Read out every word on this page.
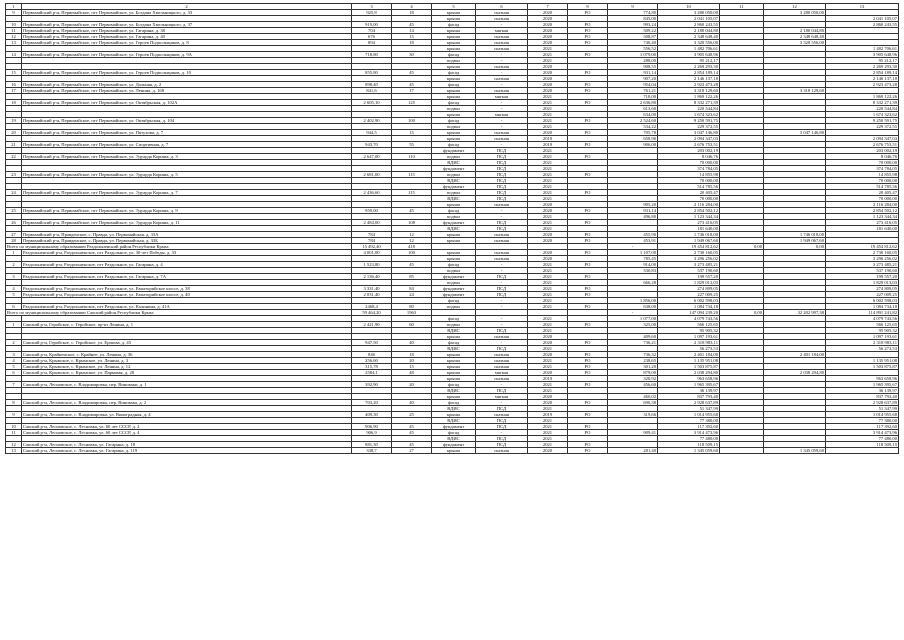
1	2	3	4	5	6	7	8	9	10	11	12	13
9	Первомайский р-н, Первомайское, пгт Первомайское, ул. Богдана Хмельницкого, д. 33	925,8	18	крыша	скатная	2020	РО	774,80	3 280 050,00		3 280 050,00	
				крыша	скатная	2020		845,00	2 041 105,07			2 041 105,07
10	Первомайский р-н, Первомайское, пгт Первомайское, ул. Богдана Хмельницкого, д. 37	919,00	45	фасад	-	2020	РО	993,24	2 860 243,55			2 860 243,55
11	Первомайский р-н, Первомайское, пгт Первомайское, ул. Гагарина, д. 38	704	14	крыша	мягкая	2020	РО	509,22	2 180 044,80		2 180 044,80	
12	Первомайский р-н, Первомайское, пгт Первомайское, ул. Гагарина, д. 40	676	15	крыша	скатная	2020	РО	508,87	2 348 648,40		2 348 648,40	
13	Первомайский р-н, Первомайское, пгт Первомайское, ул. Героев Подпольщиков, д. 8	894	18	крыша	скатная	2020	РО	740,40	3 320 556,00		3 320 556,00	
				крыша	скатная	2021		556,52	1 482 706,61			1 482 706,61
14	Первомайский р-н, Первомайское, пгт Первомайское, ул. Героев Подпольщиков, д. 9А	718,80	30	фасад	-	2021	РО	1 079,00	3 905 648,96			3 905 648,96
				подвал	-	2021		288,00	95 212,17			95 212,17
				крыша	скатная	2020		908,55	2 269 293,30			2 269 293,30
15	Первомайский р-н, Первомайское, пгт Первомайское, ул. Героев Подпольщиков, д. 10	855,80	45	фасад	-	2020	РО	931,14	2 854 189,14			2 854 189,14
				крыша	скатная	2020		907,20	2 146 137,18			2 146 137,18
16	Первомайский р-н, Первомайское, пгт Первомайское, ул. Дальняя, д. 2	898,40	45	фасад	-	2020	РО	954,04	2 923 473,28			2 923 473,28
17	Первомайский р-н, Первомайское, пгт Первомайское, ул. Ленина, д. 168	841,6	17	крыша	скатная	2020	РО	761,21	3 318 129,60		3 318 129,60	
				крыша	мягкая	2021		710,00	1 869 122,26			1 869 122,26
18	Первомайский р-н, Первомайское, пгт Первомайское, ул. Октябрьская, д. 102А	2 605,10	125	фасад	-	2021	РО	2 636,80	8 332 271,39			8 332 271,39
				подвал	-	2021		613,60	220 544,84			220 544,84
				крыша	мягкая	2021		634,00	1 674 323,62			1 674 323,62
19	Первомайский р-н, Первомайское, пгт Первомайское, ул. Октябрьская, д. 104	2 402,90	100	фасад	-	2021	РО	2 524,60	9 250 591,75			9 250 591,75
				подвал	-	2021		534,22	229 372,55			229 372,55
20	Первомайский р-н, Первомайское, пгт Первомайское, ул. Пятухова, д. 7	944,5	15	крыша	скатная	2020	РО	705,78	3 047 146,80		3 047 146,80	
				крыша	скатная	2019		658,90	2 094 347,03			2 094 347,03
21	Первомайский р-н, Первомайское, пгт Первомайское, ул. Спортивная, д. 7	943,70	55	фасад	-	2019	РО	906,00	2 676 753,51			2 676 753,51
				фундамент	ПСД	2021			203 002,19			203 002,19
22	Первомайский р-н, Первомайское, пгт Первомайское, ул. Эдуарда Коршиа, д. 3	2 647,00	110	подвал	ПСД	2021	РО		8 046,76			8 046,76
				ВДИС	ПСД	2021			70 000,00			70 000,00
				фундамент	ПСД	2021			374 784,05			374 784,05
23	Первомайский р-н, Первомайское, пгт Первомайское, ул. Эдуарда Коршиа, д. 5	2 681,00	115	подвал	ПСД	2021	РО		14 855,98			14 855,98
				ВДИС	ПСД	2021			70 000,00			70 000,00
				фундамент	ПСД	2021			514 785,56			514 785,56
24	Первомайский р-н, Первомайское, пгт Первомайское, ул. Эдуарда Коршиа, д. 7	2 436,60	115	подвал	ПСД	2021	РО		20 405,47			20 405,47
				ВДИС	ПСД	2021			70 000,00			70 000,00
				крыша	скатная	2020		905,20	2 116 284,00			2 116 284,00
25	Первомайский р-н, Первомайское, пгт Первомайское, ул. Эдуарда Коршиа, д. 9	959,00	45	фасад	-	2020	РО	931,14	2 854 502,12			2 854 502,12
				подвал	-	2021		496,80	1 123 344,34			1 123 344,34
26	Первомайский р-н, Первомайское, пгт Первомайское, ул. Эдуарда Коршиа, д. 11	2 484,00	108	фундамент	ПСД	2021	РО		273 416,05			273 416,05
				ВДИС	ПСД	2021			181 640,00			181 640,00
27	Первомайский р-н, Правденское, с. Правда, ул. Первомайская, д. 33А	784	12	крыша	скатная	2020	РО	455,90	1 746 018,00		1 746 018,00	
28	Первомайский р-н, Правденское, с. Правда, ул. Первомайская, д. 33Б	784	12	крыша	скатная	2020	РО	453,91	1 949 067,60		1 949 067,60	
Всего по муниципальному образованию Раздольненский район Республики Крым:		15 492,40	418					-	19 454 812,62	0,00	0,00	19 454 812,62
1	Раздольненский р-н, Раздольненское, пгт Раздольное, ул. 30-лет Победы, д. 33	4 001,00	100	крыша	скатная	2020	РО	1 107,00	2 730 160,05			2 730 160,05
				крыша	скатная	2020		785,45	3 296 256,02			3 296 256,02
2	Раздольненский р-н, Раздольненское, пгт Раздольное, ул. Гагарина, д. 4	1 523,80	45	фасад	-	2021	РО	914,00	3 273 485,21			3 273 485,21
				подвал	-	2021		530,83	537 190,60			537 190,60
3	Раздольненский р-н, Раздольненское, пгт Раздольное, ул. Гагарина, д. 7А	2 136,40	85	фундамент	ПСД	2021	РО		199 557,20			199 557,20
				подвал	-	2021		666,28	1 829 013,03			1 829 013,03
4	Раздольненский р-н, Раздольненское, пгт Раздольное, ул. Евпаторийское шоссе, д. 38	3 331,40	84	фундамент	ПСД	2021	РО		274 809,05			274 809,05
5	Раздольненский р-н, Раздольненское, пгт Раздольное, ул. Евпаторийское шоссе, д. 40	2 031,40	24	фундамент	ПСД	2021	РО		227 009,25			227 009,25
				фасад	-	2021		1 856,00	6 002 598,03			6 002 598,03
6	Раздольненский р-н, Раздольненское, пгт Раздольное, ул. Калинина, д. 41А	2468,4	80	подвал	-	2021	РО	638,00	1 084 734,18			1 084 734,18
Всего по муниципальному образованию Сакский район Республики Крым:		59 464,20	1963					-	147 094 239,20	0,00	32 202 997,38	114 891 241,82
				фасад	-	2021		1 077,00	4 079 743,56			4 079 743,56
1	Сакский р-н, Геройское, с. Геройское, пр-кт Ленина, д. 1	2 421,90	60	подвал	-	2021	РО	325,00	566 125,65			566 125,65
				ВДИС	ПСД	2021			95 905,32			95 905,32
				крыша	скатная	2020		409,60	1 097 193,61			1 097 193,61
2	Сакский р-н, Геройское, с. Геройское, ул. Ершова, д. 45	947,50	40	фасад	-	2020	РО	736,21	2 318 983,11			2 318 983,11
				ВДИС	ПСД	2021			56 273,53			56 273,53
3	Сакский р-н, Крайненское, с. Крайнее, ул. Ленина, д. 36	846	18	крыша	скатная	2020	РО	736,32	2 401 184,00		2 401 184,00	
4	Сакский р-н, Крымское, с. Крымское, ул. Ленина, д. 3	256,60	20	крыша	скатная	2021	РО	238,65	1 135 951,08			1 135 951,08
5	Сакский р-н, Крымское, с. Крымское, ул. Ленина, д. 12	315,78	15	крыша	скатная	2021	РО	301,20	1 503 875,87			1 503 875,87
6	Сакский р-н, Крымское, с. Крымское, ул. Парковая, д. 28	2584,1	48	крыша	мягкая	2020	РО	879,00	2 038 294,80		2 038 294,80	
				крыша	скатная	2019		320,92	963 658,96			963 658,96
7	Сакский р-н, Лесновское, с. Владимировка, пер. Виноваки, д. 1	392,90	20	фасад	-	2021	РО	456,60	1 965 395,67			1 965 395,67
				ВДИС	ПСД	2021			36 139,97			36 139,97
				крыша	мягкая	2020		460,02	837 793,40			837 793,40
8	Сакский р-н, Лесновское, с. Владимировка, пер. Виновака, д. 2	703,20	40	фасад	-	2020	РО	690,38	2 928 637,89			2 928 637,89
				ВДИС	ПСД	2021			51 347,99			51 347,99
9	Сакский р-н, Лесновское, с. Владимировка, ул. Виноградная, д. 4	409,30	25	крыша	скатная	2019	РО	319,66	1 014 955,68			1 014 955,68
				ВДИС	ПСД	2021			77 380,00			77 380,00
10	Сакский р-н, Лесновское, с. Лесновка, ул. 60 лет СССР, д. 2	906,90	45	фундамент	ПСД	2021	РО		117 392,60			117 392,60
11	Сакский р-н, Лесновское, с. Лесновка, ул. 60 лет СССР, д. 4	906,9	45	фасад	-	2021	РО	909,41	3 914 473,96			3 914 473,96
				ВДИС	ПСД	2021			77 480,00			77 480,00
12	Сакский р-н, Лесновское, с. Лесновка, ул. Гагарина, д. 18	881,30	45	фундамент	ПСД	2021	РО		118 509,15			118 509,15
13	Сакский р-н, Лесновское, с. Лесновка, ул. Гагарина, д. 119	338,7	27	крыша	скатная	2020	РО	281,40	1 345 059,60		1 345 059,60	
